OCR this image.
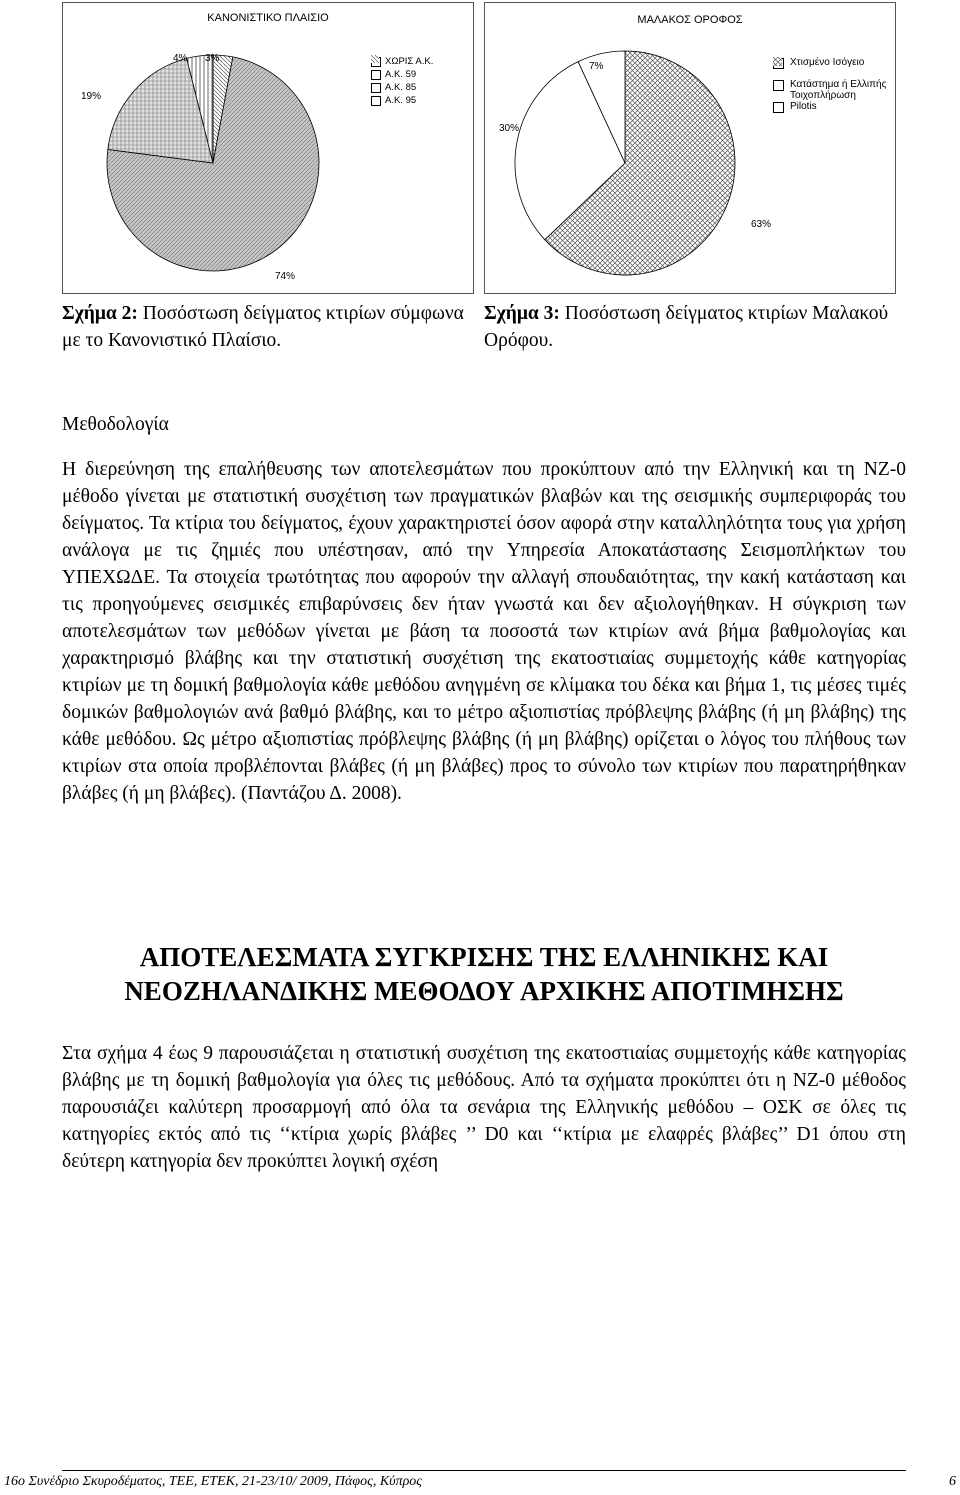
ΚΑΝΟΝΙΣΤΙΚΟ ΠΛΑΙΣΙΟ
19%
4% 3%
74%
ΧΩΡΙΣ Α.Κ.
Α.Κ. 59
Α.Κ. 85
Α.Κ. 95
ΜΑΛΑΚΟΣ ΟΡΟΦΟΣ
7%
30%
63%
Χτισμένο Ισόγειο
Κατάστημα ή Ελλιπής Τοιχοπλήρωση
Pilotis
Σχήμα 2: Ποσόστωση δείγματος κτιρίων σύμφωνα με το Κανονιστικό Πλαίσιο.
Σχήμα 3: Ποσόστωση δείγματος κτιρίων Μαλακού Ορόφου.
Μεθοδολογία
Η διερεύνηση της επαλήθευσης των αποτελεσμάτων που προκύπτουν από την Ελληνική και τη ΝΖ-0 μέθοδο γίνεται με στατιστική συσχέτιση των πραγματικών βλαβών και της σεισμικής συμπεριφοράς του δείγματος. Τα κτίρια του δείγματος, έχουν χαρακτηριστεί όσον αφορά στην καταλληλότητα τους για χρήση ανάλογα με τις ζημιές που υπέστησαν, από την Υπηρεσία Αποκατάστασης Σεισμοπλήκτων του ΥΠΕΧΩΔΕ. Τα στοιχεία τρωτότητας που αφορούν την αλλαγή σπουδαιότητας, την κακή κατάσταση και τις προηγούμενες σεισμικές επιβαρύνσεις δεν ήταν γνωστά και δεν αξιολογήθηκαν. Η σύγκριση των αποτελεσμάτων των μεθόδων γίνεται με βάση τα ποσοστά των κτιρίων ανά βήμα βαθμολογίας και χαρακτηρισμό βλάβης και την στατιστική συσχέτιση της εκατοστιαίας συμμετοχής κάθε κατηγορίας κτιρίων με τη δομική βαθμολογία κάθε μεθόδου ανηγμένη σε κλίμακα του δέκα και βήμα 1, τις μέσες τιμές δομικών βαθμολογιών ανά βαθμό βλάβης, και το μέτρο αξιοπιστίας πρόβλεψης βλάβης (ή μη βλάβης) της κάθε μεθόδου. Ως μέτρο αξιοπιστίας πρόβλεψης βλάβης (ή μη βλάβης) ορίζεται ο λόγος του πλήθους των κτιρίων στα οποία προβλέπονται βλάβες (ή μη βλάβες) προς το σύνολο των κτιρίων που παρατηρήθηκαν βλάβες (ή μη βλάβες). (Παντάζου Δ. 2008).
ΑΠΟΤΕΛΕΣΜΑΤΑ ΣΥΓΚΡΙΣΗΣ ΤΗΣ ΕΛΛΗΝΙΚΗΣ ΚΑΙ
ΝΕΟΖΗΛΑΝΔΙΚΗΣ ΜΕΘΟΔΟΥ ΑΡΧΙΚΗΣ ΑΠΟΤΙΜΗΣΗΣ
Στα σχήμα 4 έως 9 παρουσιάζεται η στατιστική συσχέτιση της εκατοστιαίας συμμετοχής κάθε κατηγορίας βλάβης με τη δομική βαθμολογία για όλες τις μεθόδους. Από τα σχήματα προκύπτει ότι η ΝΖ-0 μέθοδος παρουσιάζει καλύτερη προσαρμογή από όλα τα σενάρια της Ελληνικής μεθόδου – ΟΣΚ σε όλες τις κατηγορίες εκτός από τις ‘‘κτίρια χωρίς βλάβες ’’ D0 και ‘‘κτίρια με ελαφρές βλάβες’’ D1 όπου στη δεύτερη κατηγορία δεν προκύπτει λογική σχέση
16ο Συνέδριο Σκυροδέματος, ΤΕΕ, ΕΤΕΚ, 21-23/10/ 2009, Πάφος, Κύπρος	6
